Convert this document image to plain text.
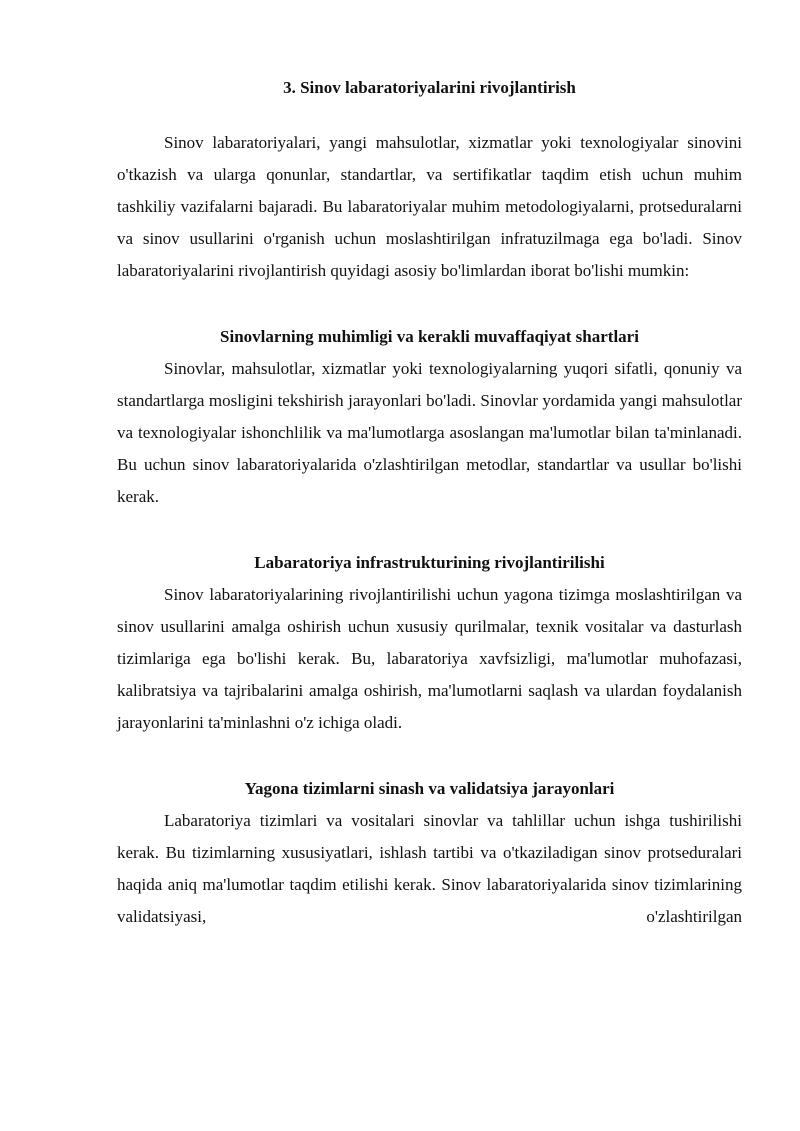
3. Sinov labaratoriyalarini rivojlantirish

Sinov labaratoriyalari, yangi mahsulotlar, xizmatlar yoki texnologiyalar sinovini o'tkazish va ularga qonunlar, standartlar, va sertifikatlar taqdim etish uchun muhim tashkiliy vazifalarni bajaradi. Bu labaratoriyalar muhim metodologiyalarni, protseduralarni va sinov usullarini o'rganish uchun moslashtirilgan infratuzilmaga ega bo'ladi. Sinov labaratoriyalarini rivojlantirish quyidagi asosiy bo'limlardan iborat bo'lishi mumkin:

Sinovlarning muhimligi va kerakli muvaffaqiyat shartlari

Sinovlar, mahsulotlar, xizmatlar yoki texnologiyalarning yuqori sifatli, qonuniy va standartlarga mosligini tekshirish jarayonlari bo'ladi. Sinovlar yordamida yangi mahsulotlar va texnologiyalar ishonchlilik va ma'lumotlarga asoslangan ma'lumotlar bilan ta'minlanadi. Bu uchun sinov labaratoriyalarida o'zlashtirilgan metodlar, standartlar va usullar bo'lishi kerak.

Labaratoriya infrastrukturining rivojlantirilishi

Sinov labaratoriyalarining rivojlantirilishi uchun yagona tizimga moslashtirilgan va sinov usullarini amalga oshirish uchun xususiy qurilmalar, texnik vositalar va dasturlash tizimlariga ega bo'lishi kerak. Bu, labaratoriya xavfsizligi, ma'lumotlar muhofazasi, kalibratsiya va tajribalarini amalga oshirish, ma'lumotlarni saqlash va ulardan foydalanish jarayonlarini ta'minlashni o'z ichiga oladi.

Yagona tizimlarni sinash va validatsiya jarayonlari

Labaratoriya tizimlari va vositalari sinovlar va tahlillar uchun ishga tushirilishi kerak. Bu tizimlarning xususiyatlari, ishlash tartibi va o'tkaziladigan sinov protseduralari haqida aniq ma'lumotlar taqdim etilishi kerak. Sinov labaratoriyalarida sinov tizimlarining validatsiyasi, o'zlashtirilgan
